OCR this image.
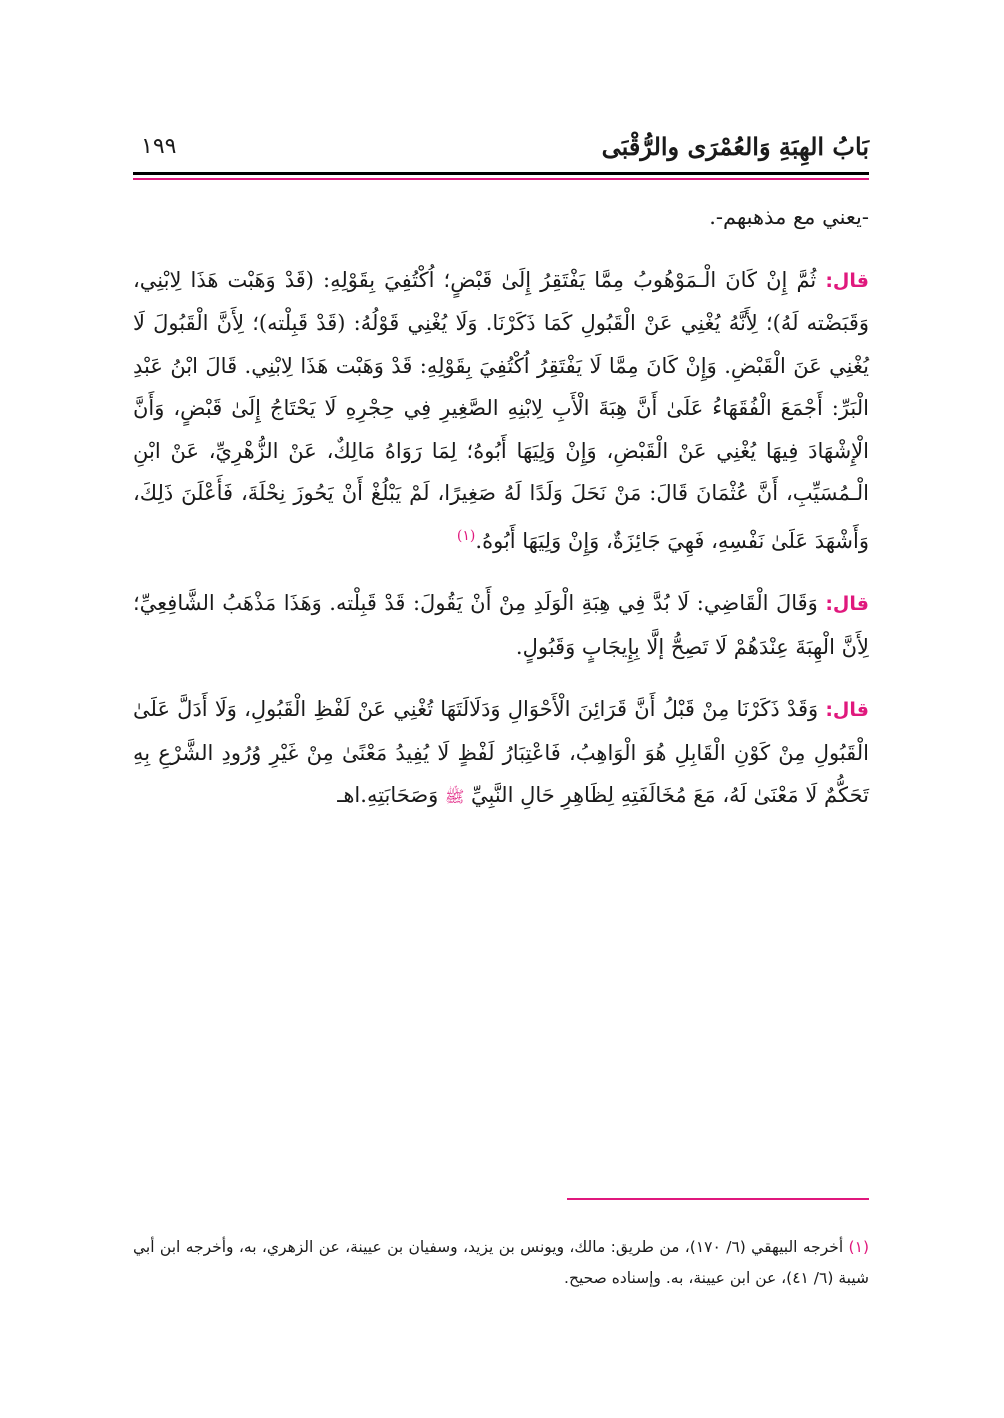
بَابُ الهِبَةِ وَالعُمْرَى والرُّقْبَى
١٩٩

-يعني مع مذهبهم-.

قال: ثُمَّ إِنْ كَانَ الْـمَوْهُوبُ مِمَّا يَفْتَقِرُ إِلَىٰ قَبْضٍ؛ اُكْتُفِيَ بِقَوْلِهِ: (قَدْ وَهَبْت هَذَا لِابْنِي، وَقَبَضْته لَهُ)؛ لِأَنَّهُ يُغْنِي عَنْ الْقَبُولِ كَمَا ذَكَرْنَا. وَلَا يُغْنِي قَوْلُهُ: (قَدْ قَبِلْته)؛ لِأَنَّ الْقَبُولَ لَا يُغْنِي عَنَ الْقَبْضِ. وَإِنْ كَانَ مِمَّا لَا يَفْتَقِرُ اُكْتُفِيَ بِقَوْلِهِ: قَدْ وَهَبْت هَذَا لِابْنِي. قَالَ ابْنُ عَبْدِ الْبَرِّ: أَجْمَعَ الْفُقَهَاءُ عَلَىٰ أَنَّ هِبَةَ الْأَبِ لِابْنِهِ الصَّغِيرِ فِي حِجْرِهِ لَا يَحْتَاجُ إِلَىٰ قَبْضٍ، وَأَنَّ الْإِشْهَادَ فِيهَا يُغْنِي عَنْ الْقَبْضِ، وَإِنْ وَلِيَهَا أَبُوهُ؛ لِمَا رَوَاهُ مَالِكٌ، عَنْ الزُّهْرِيِّ، عَنْ ابْنِ الْـمُسَيِّبِ، أَنَّ عُثْمَانَ قَالَ: مَنْ نَحَلَ وَلَدًا لَهُ صَغِيرًا، لَمْ يَبْلُغْ أَنْ يَحُوزَ نِحْلَةَ، فَأَعْلَنَ ذَلِكَ، وَأَشْهَدَ عَلَىٰ نَفْسِهِ، فَهِيَ جَائِزَةٌ، وَإِنْ وَلِيَهَا أَبُوهُ.$^{(١)}$

قال: وَقَالَ الْقَاضِي: لَا بُدَّ فِي هِبَةِ الْوَلَدِ مِنْ أَنْ يَقُولَ: قَدْ قَبِلْته. وَهَذَا مَذْهَبُ الشَّافِعِيِّ؛ لِأَنَّ الْهِبَةَ عِنْدَهُمْ لَا تَصِحُّ إلَّا بِإِيجَابٍ وَقَبُولٍ.

قال: وَقَدْ ذَكَرْنَا مِنْ قَبْلُ أَنَّ قَرَائِنَ الْأَحْوَالِ وَدَلَالَتَهَا تُغْنِي عَنْ لَفْظِ الْقَبُولِ، وَلَا أَدَلَّ عَلَىٰ الْقَبُولِ مِنْ كَوْنِ الْقَابِلِ هُوَ الْوَاهِبُ، فَاعْتِبَارُ لَفْظٍ لَا يُفِيدُ مَعْنًىٰ مِنْ غَيْرِ وُرُودِ الشَّرْعِ بِهِ تَحَكُّمٌ لَا مَعْنَىٰ لَهُ، مَعَ مُخَالَفَتِهِ لِظَاهِرِ حَالِ النَّبِيِّ ﷺ وَصَحَابَتِهِ.اهـ

(١) أخرجه البيهقي (٦/ ١٧٠)، من طريق: مالك، ويونس بن يزيد، وسفيان بن عيينة، عن الزهري، به، وأخرجه ابن أبي شيبة (٦/ ٤١)، عن ابن عيينة، به. وإسناده صحيح.
